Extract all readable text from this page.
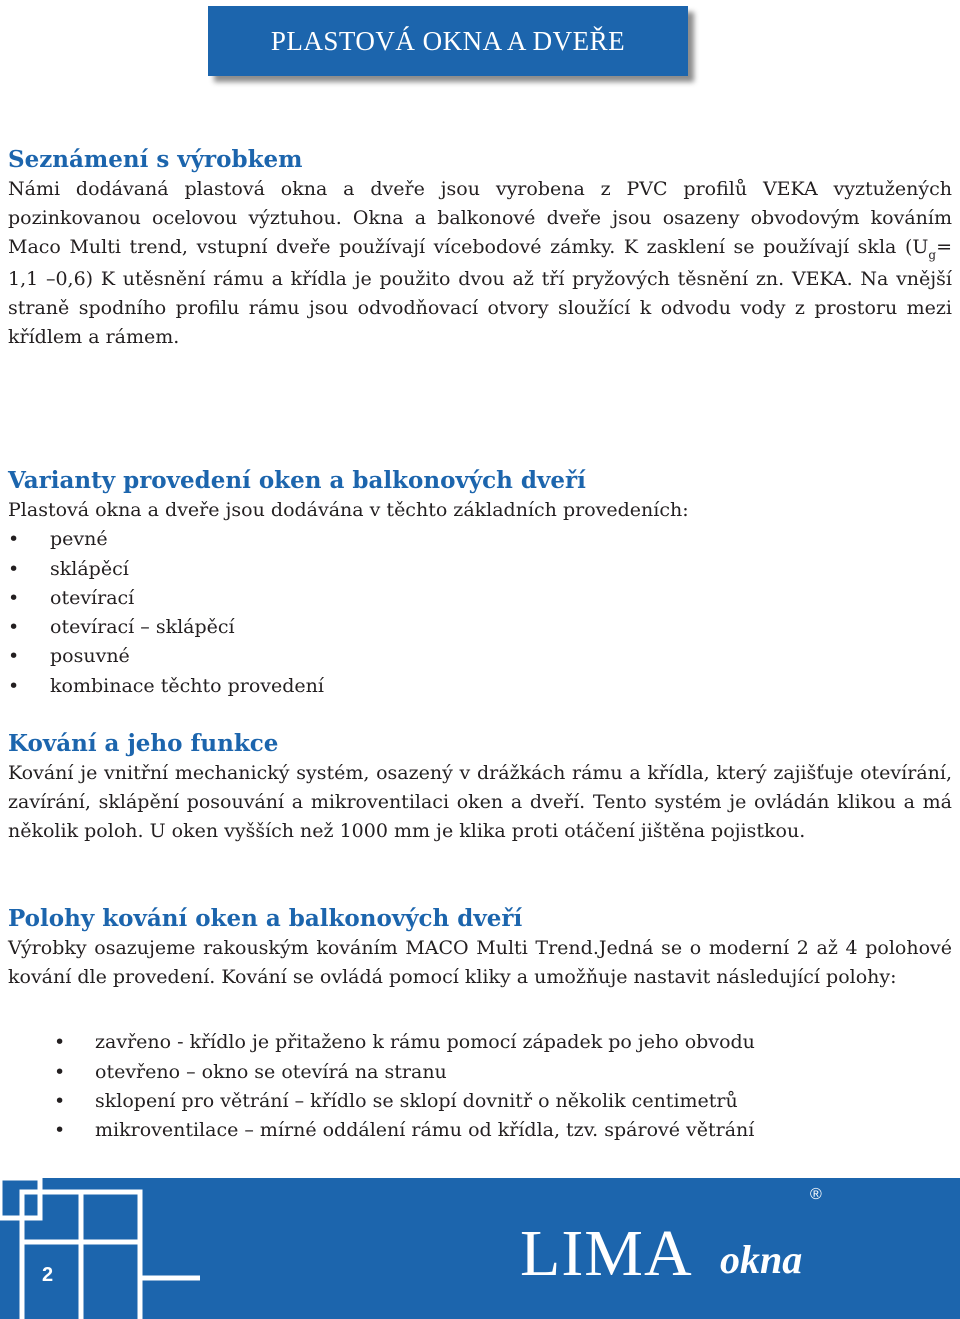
PLASTOVÁ OKNA A DVEŘE
Seznámení s výrobkem

Námi dodávaná plastová okna a dveře jsou vyrobena z PVC profilů VEKA vyztužených pozinkovanou ocelovou výztuhou. Okna a balkonové dveře jsou osazeny obvodovým kováním Maco Multi trend, vstupní dveře používají vícebodové zámky. K zasklení se používají skla ($U_g= 1,1$ –0,6) K utěsnění rámu a křídla je použito dvou až tří pryžových těsnění zn. VEKA. Na vnější straně spodního profilu rámu jsou odvodňovací otvory sloužící k odvodu vody z prostoru mezi křídlem a rámem.

Varianty provedení oken a balkonových dveří

Plastová okna a dveře jsou dodávána v těchto základních provedeních:

• pevné
• sklápěcí
• otevírací
• otevírací – sklápěcí
• posuvné
• kombinace těchto provedení
Kování a jeho funkce

Kování je vnitřní mechanický systém, osazený v drážkách rámu a křídla, který zajišťuje otevírání, zavírání, sklápění posouvání a mikroventilaci oken a dveří. Tento systém je ovládán klikou a má několik poloh. U oken vyšších než 1000 mm je klika proti otáčení jištěna pojistkou.

Polohy kování oken a balkonových dveří

Výrobky osazujeme rakouským kováním MACO Multi Trend.Jedná se o moderní 2 až 4 polohové kování dle provedení. Kování se ovládá pomocí kliky a umožňuje nastavit následující polohy:

• zavřeno - křídlo je přitaženo k rámu pomocí západek po jeho obvodu
• otevřeno – okno se otevírá na stranu
• sklopení pro větrání – křídlo se sklopí dovnitř o několik centimetrů
• mikroventilace – mírné oddálení rámu od křídla, tzv. spárové větrání
2	LIMA okna
®
